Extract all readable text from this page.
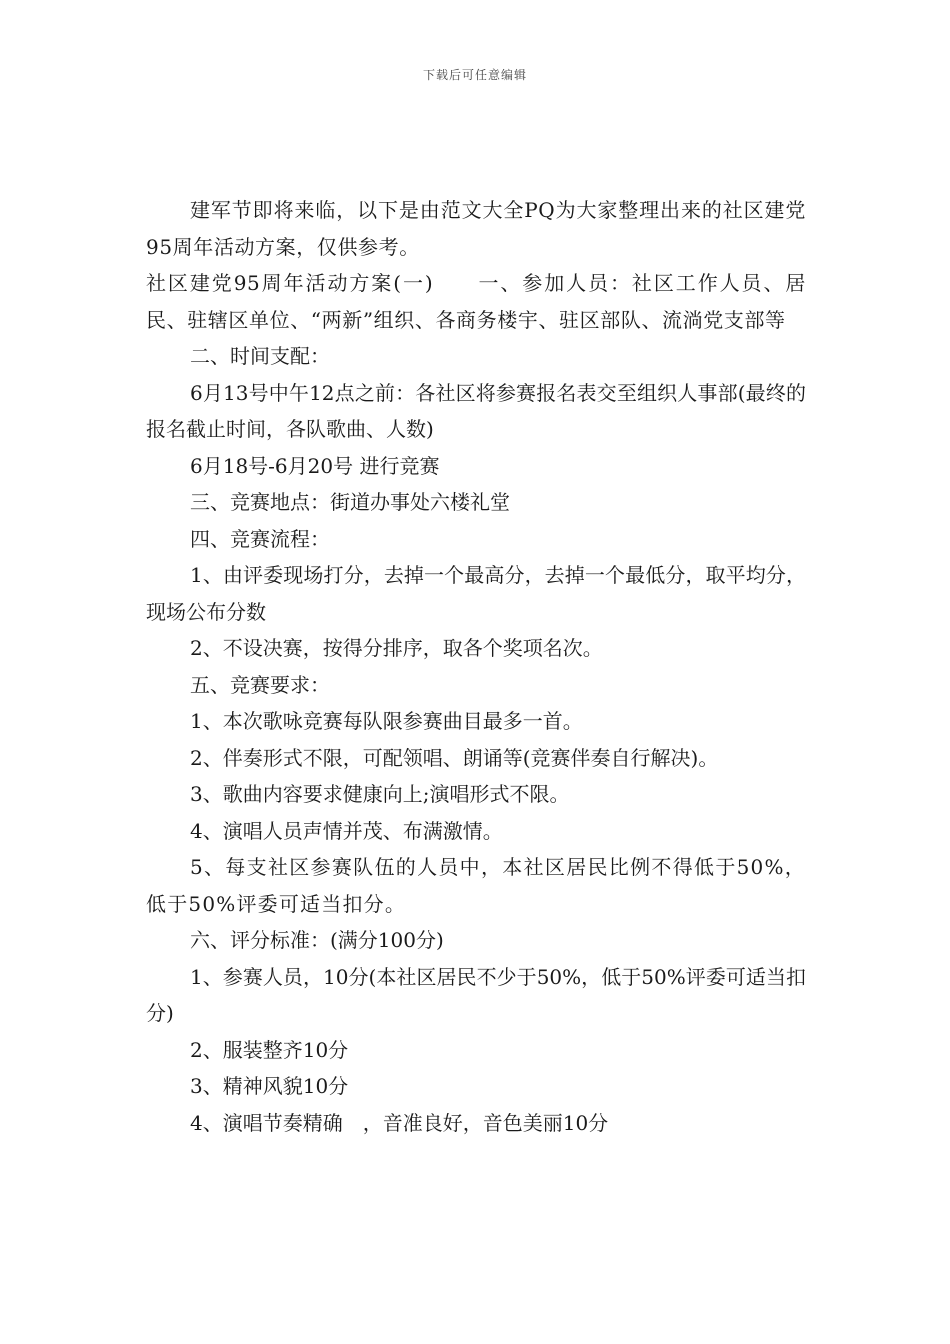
下载后可任意编辑

建军节即将来临，以下是由范文大全PQ为大家整理出来的社区建党95周年活动方案，仅供参考。

社区建党95周年活动方案(一)　　一、参加人员：社区工作人员、居民、驻辖区单位、“两新”组织、各商务楼宇、驻区部队、流淌党支部等

二、时间支配：

6月13号中午12点之前：各社区将参赛报名表交至组织人事部(最终的报名截止时间，各队歌曲、人数)

6月18号-6月20号 进行竞赛

三、竞赛地点：街道办事处六楼礼堂

四、竞赛流程：

1、由评委现场打分，去掉一个最高分，去掉一个最低分，取平均分，现场公布分数

2、不设决赛，按得分排序，取各个奖项名次。

五、竞赛要求：

1、本次歌咏竞赛每队限参赛曲目最多一首。

2、伴奏形式不限，可配领唱、朗诵等(竞赛伴奏自行解决)。

3、歌曲内容要求健康向上;演唱形式不限。

4、演唱人员声情并茂、布满激情。

5、每支社区参赛队伍的人员中，本社区居民比例不得低于50%，低于50%评委可适当扣分。

六、评分标准：(满分100分)

1、参赛人员，10分(本社区居民不少于50%，低于50%评委可适当扣分)

2、服装整齐10分

3、精神风貌10分

4、演唱节奏精确　，音准良好，音色美丽10分
